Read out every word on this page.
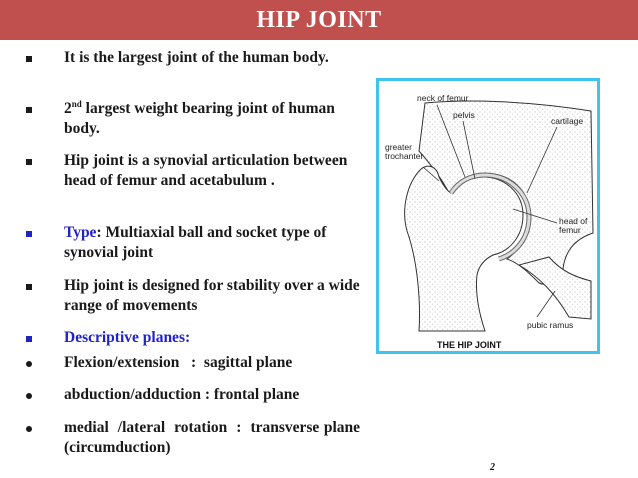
HIP JOINT
It is the largest joint of the human body.
2nd largest weight bearing joint of human body.
Hip joint is a synovial articulation between head of femur and acetabulum .
Type: Multiaxial ball and socket type of synovial joint
Hip joint is designed for stability over a wide range of movements
Descriptive planes:
Flexion/extension   :  sagittal plane
abduction/adduction : frontal plane
medial  /lateral  rotation  :  transverse plane (circumduction)
neck of femur
pelvis
cartilage
greater
trochanter
head of
femur
pubic ramus
THE HIP JOINT
2
